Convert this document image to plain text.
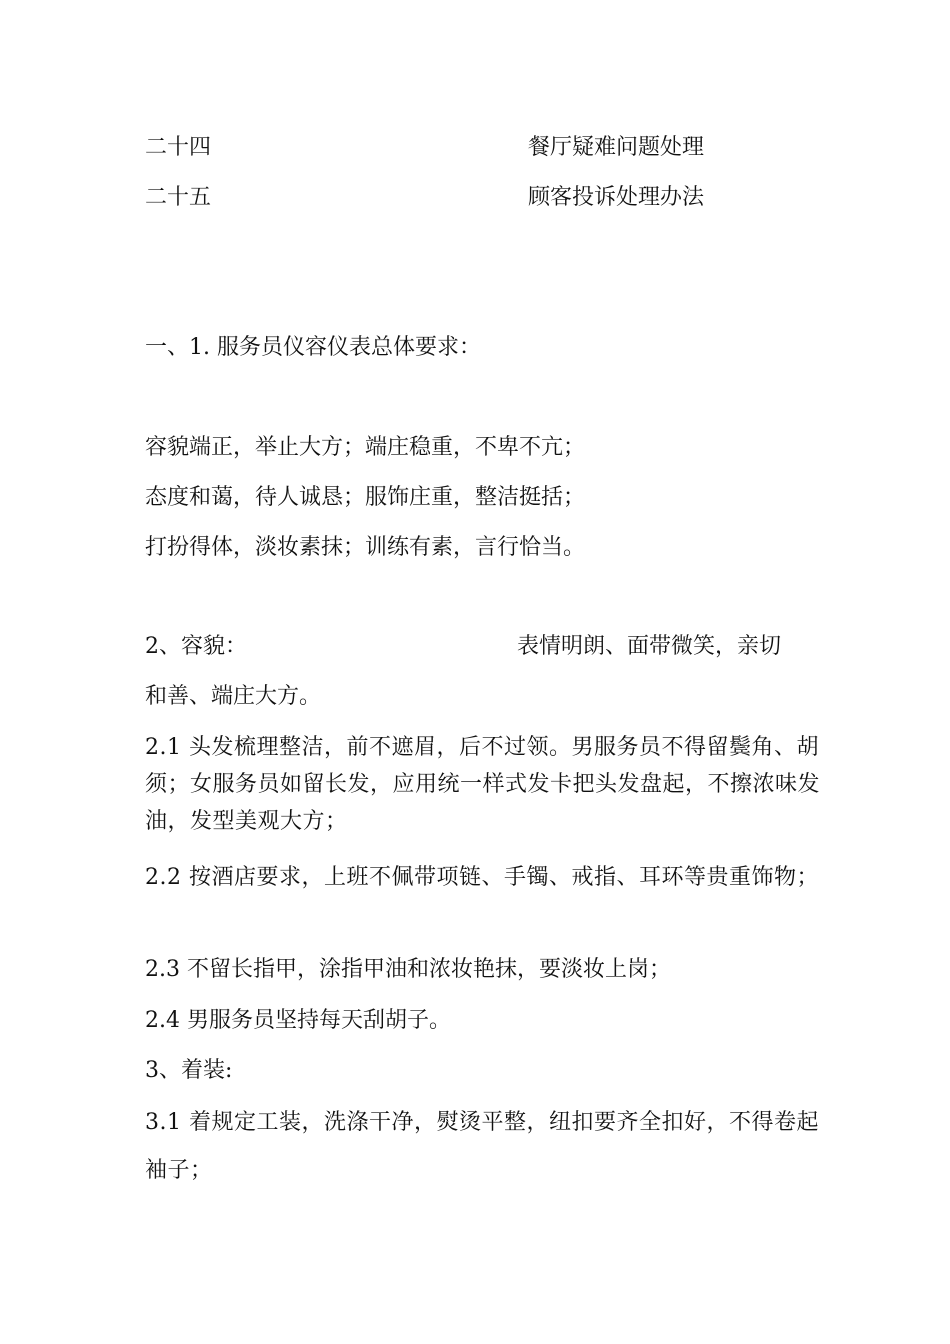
二十四	餐厅疑难问题处理
二十五	顾客投诉处理办法
一、1. 服务员仪容仪表总体要求：
容貌端正，举止大方；端庄稳重，不卑不亢；
态度和蔼，待人诚恳；服饰庄重，整洁挺括；
打扮得体，淡妆素抹；训练有素，言行恰当。
2、容貌：	表情明朗、面带微笑，亲切
和善、端庄大方。
2.1 头发梳理整洁，前不遮眉，后不过领。男服务员不得留鬓角、胡须；女服务员如留长发，应用统一样式发卡把头发盘起，不擦浓味发油，发型美观大方；
2.2 按酒店要求，上班不佩带项链、手镯、戒指、耳环等贵重饰物；
2.3 不留长指甲，涂指甲油和浓妆艳抹，要淡妆上岗；
2.4 男服务员坚持每天刮胡子。
3、着装:
3.1 着规定工装，洗涤干净，熨烫平整，纽扣要齐全扣好，不得卷起袖子；
